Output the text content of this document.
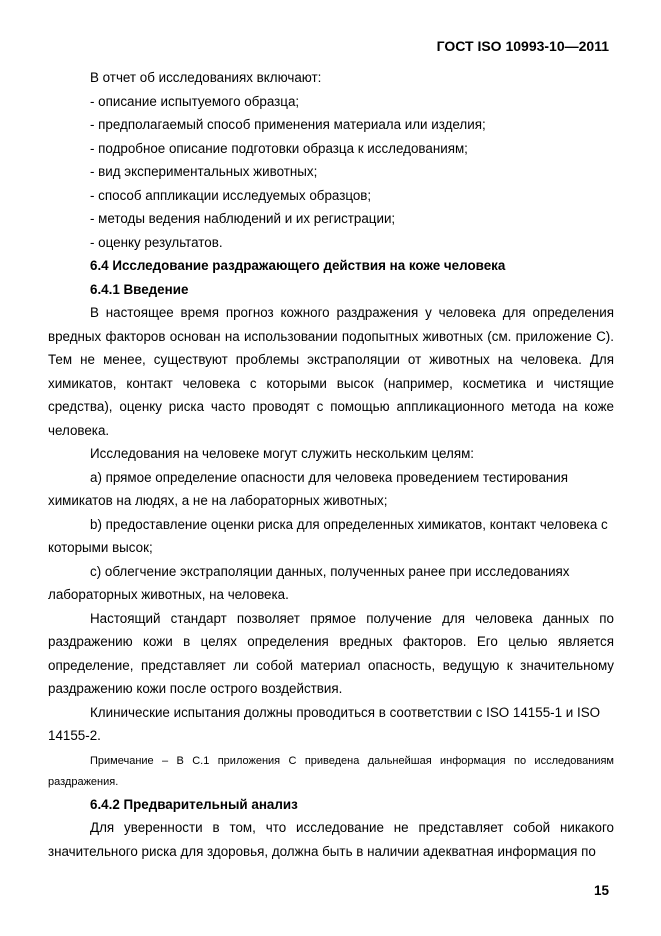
ГОСТ ISO 10993-10—2011

В отчет об исследованиях включают:

- описание испытуемого образца;

- предполагаемый способ применения материала или изделия;

- подробное описание подготовки образца к исследованиям;

- вид экспериментальных животных;

- способ аппликации исследуемых образцов;

- методы ведения наблюдений и их регистрации;

- оценку результатов.

6.4 Исследование раздражающего действия на коже человека

6.4.1 Введение

В настоящее время прогноз кожного раздражения у человека для определения вредных факторов основан на использовании подопытных животных (см. приложение С). Тем не менее, существуют проблемы экстраполяции от животных на человека. Для химикатов, контакт человека с которыми высок (например, косметика и чистящие средства), оценку риска часто проводят с помощью аппликационного метода на коже человека.

Исследования на человеке могут служить нескольким целям:

а) прямое определение опасности для человека проведением тестирования химикатов на людях, а не на лабораторных животных;

b) предоставление оценки риска для определенных химикатов, контакт человека с которыми высок;

с) облегчение экстраполяции данных, полученных ранее при исследованиях лабораторных животных, на человека.

Настоящий стандарт позволяет прямое получение для человека данных по раздражению кожи в целях определения вредных факторов. Его целью является определение, представляет ли собой материал опасность, ведущую к значительному раздражению кожи после острого воздействия.

Клинические испытания должны проводиться в соответствии с ISO 14155-1 и ISO 14155-2.

Примечание – В С.1 приложения С приведена дальнейшая информация по исследованиям раздражения.

6.4.2 Предварительный анализ

Для уверенности в том, что исследование не представляет собой никакого значительного риска для здоровья, должна быть в наличии адекватная информация по

15
